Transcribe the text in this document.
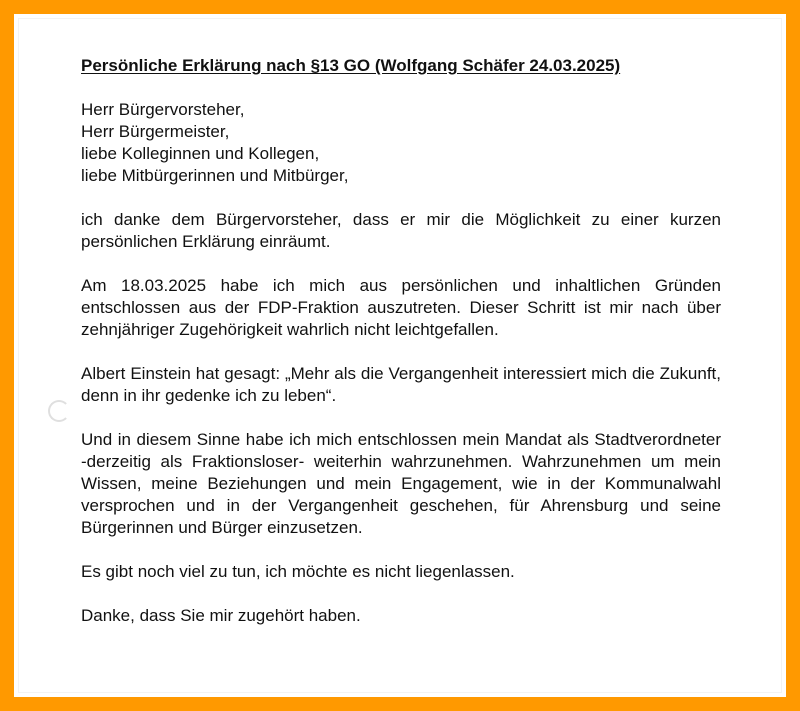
Persönliche Erklärung nach §13 GO (Wolfgang Schäfer 24.03.2025)
Herr Bürgervorsteher,
Herr Bürgermeister,
liebe Kolleginnen und Kollegen,
liebe Mitbürgerinnen und Mitbürger,

ich danke dem Bürgervorsteher, dass er mir die Möglichkeit zu einer kurzen persönlichen Erklärung einräumt.

Am 18.03.2025 habe ich mich aus persönlichen und inhaltlichen Gründen entschlossen aus der FDP-Fraktion auszutreten. Dieser Schritt ist mir nach über zehnjähriger Zugehörigkeit wahrlich nicht leichtgefallen.

Albert Einstein hat gesagt: „Mehr als die Vergangenheit interessiert mich die Zukunft, denn in ihr gedenke ich zu leben“.

Und in diesem Sinne habe ich mich entschlossen mein Mandat als Stadtverordneter -derzeitig als Fraktionsloser- weiterhin wahrzunehmen. Wahrzunehmen um mein Wissen, meine Beziehungen und mein Engagement, wie in der Kommunalwahl versprochen und in der Vergangenheit geschehen, für Ahrensburg und seine Bürgerinnen und Bürger einzusetzen.

Es gibt noch viel zu tun, ich möchte es nicht liegenlassen.

Danke, dass Sie mir zugehört haben.
